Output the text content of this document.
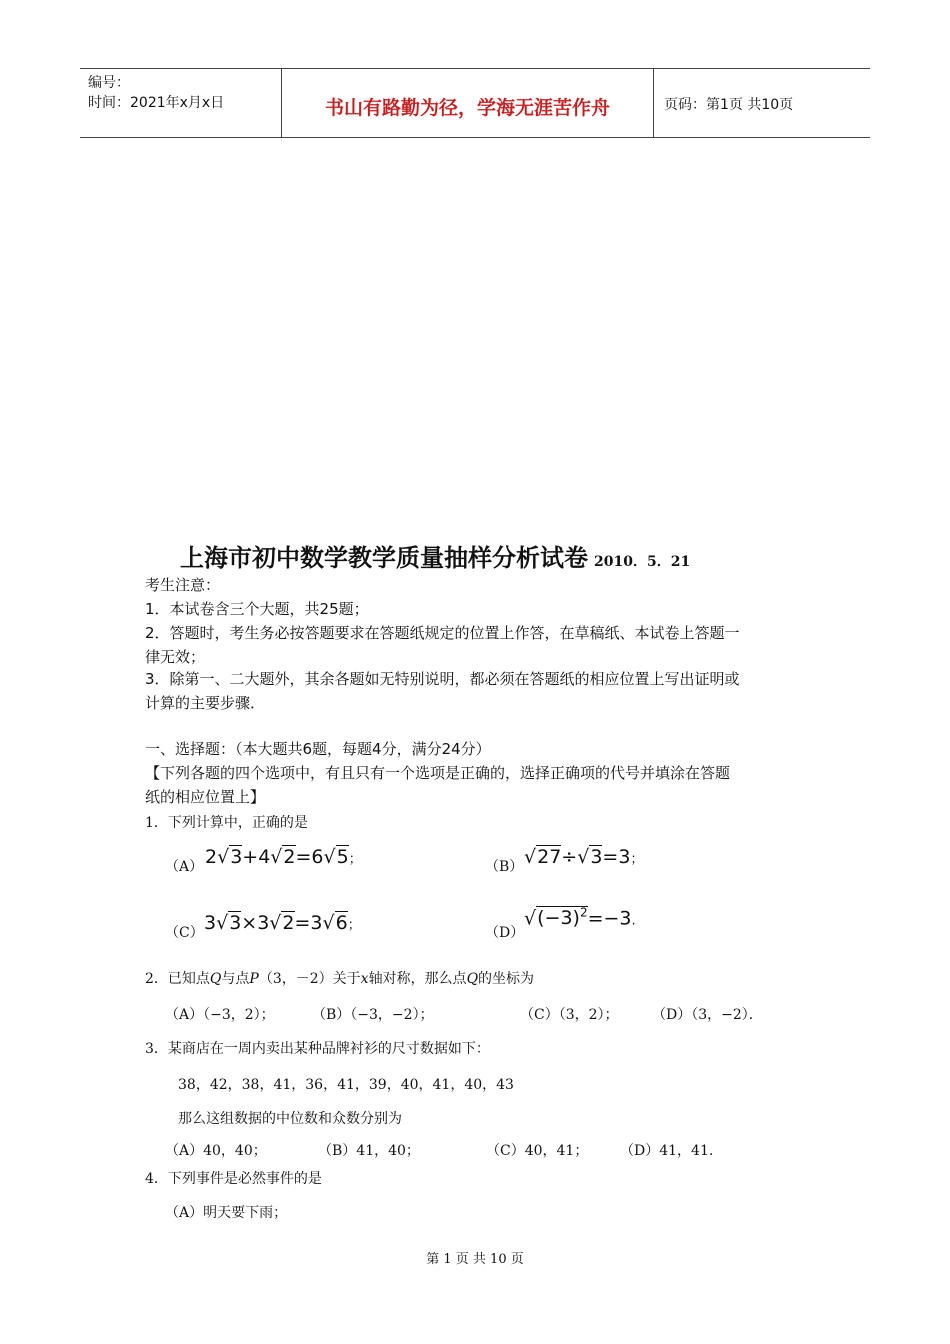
编号：
时间：2021年x月x日	书山有路勤为径，学海无涯苦作舟	页码：第1页 共10页
上海市初中数学教学质量抽样分析试卷 2010．5．21
考生注意：
1．本试卷含三个大题，共25题；
2．答题时，考生务必按答题要求在答题纸规定的位置上作答，在草稿纸、本试卷上答题一
律无效；
3．除第一、二大题外，其余各题如无特别说明，都必须在答题纸的相应位置上写出证明或
计算的主要步骤．
一、选择题：（本大题共6题，每题4分，满分24分）
【下列各题的四个选项中，有且只有一个选项是正确的，选择正确项的代号并填涂在答题
纸的相应位置上】
1．下列计算中，正确的是
（A） 2√3+4√2=6√5；	（B） √27÷√3=3；
（C） 3√3×3√2=3√6；	（D）
$√(-3)^2=-3$.
2．已知点Q与点P（3，－2）关于x轴对称，那么点Q的坐标为
（A）（−3，2）；	（B）（−3，−2）；	（C）（3，2）； （D）（3，−2）．
3．某商店在一周内卖出某种品牌衬衫的尺寸数据如下：
38，42，38，41，36，41，39，40，41，40，43
那么这组数据的中位数和众数分别为
（A）40，40；	（B）41，40；	（C）40，41； （D）41，41.
4．下列事件是必然事件的是
（A）明天要下雨；
第 1 页 共 10 页
